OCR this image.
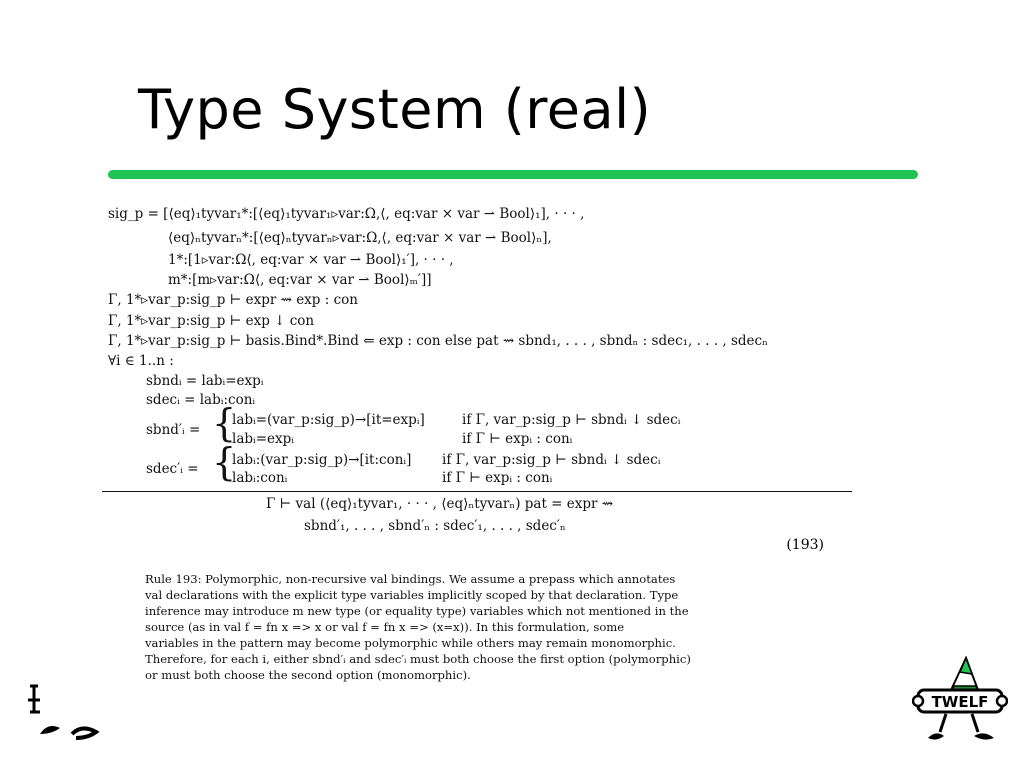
Type System (real)
sig_p = [⟨eq⟩₁tyvar₁*:[⟨eq⟩₁tyvar₁▹var:Ω,⟨, eq:var × var ⇀ Bool⟩₁], · · · ,
⟨eq⟩ₙtyvarₙ*:[⟨eq⟩ₙtyvarₙ▹var:Ω,⟨, eq:var × var ⇀ Bool⟩ₙ],
1*:[1▹var:Ω⟨, eq:var × var ⇀ Bool⟩₁′], · · · ,
m*:[m▹var:Ω⟨, eq:var × var ⇀ Bool⟩ₘ′]]
Γ, 1*▹var_p:sig_p ⊢ expr ⇝ exp : con
Γ, 1*▹var_p:sig_p ⊢ exp ↓ con
Γ, 1*▹var_p:sig_p ⊢ basis.Bind*.Bind ⇐ exp : con else pat ⇝ sbnd₁, . . . , sbndₙ : sdec₁, . . . , sdecₙ
∀i ∈ 1..n :
sbndᵢ = labᵢ=expᵢ
sdecᵢ = labᵢ:conᵢ
sbnd′ᵢ = {
labᵢ=(var_p:sig_p)→[it=expᵢ]	if Γ, var_p:sig_p ⊢ sbndᵢ ↓ sdecᵢ
labᵢ=expᵢ	if Γ ⊢ expᵢ : conᵢ
sdec′ᵢ = {
labᵢ:(var_p:sig_p)→[it:conᵢ] if Γ, var_p:sig_p ⊢ sbndᵢ ↓ sdecᵢ
labᵢ:conᵢ	if Γ ⊢ expᵢ : conᵢ
Γ ⊢ val (⟨eq⟩₁tyvar₁, · · · , ⟨eq⟩ₙtyvarₙ) pat = expr ⇝
sbnd′₁, . . . , sbnd′ₙ : sdec′₁, . . . , sdec′ₙ
(193)
Rule 193: Polymorphic, non-recursive val bindings. We assume a prepass which annotates
val declarations with the explicit type variables implicitly scoped by that declaration. Type
inference may introduce m new type (or equality type) variables which not mentioned in the
source (as in val f = fn x => x or val f = fn x => (x=x)). In this formulation, some
variables in the pattern may become polymorphic while others may remain monomorphic.
Therefore, for each i, either sbnd′ᵢ and sdec′ᵢ must both choose the first option (polymorphic)
or must both choose the second option (monomorphic).
TWELF
